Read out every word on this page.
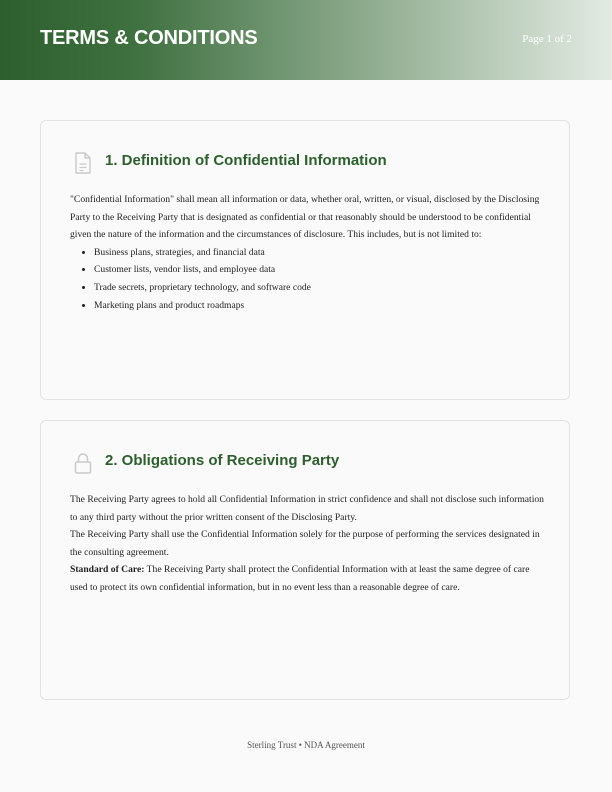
TERMS & CONDITIONS	Page 1 of 2
1. Definition of Confidential Information

"Confidential Information" shall mean all information or data, whether oral, written, or visual, disclosed by the Disclosing Party to the Receiving Party that is designated as confidential or that reasonably should be understood to be confidential given the nature of the information and the circumstances of disclosure. This includes, but is not limited to:

• Business plans, strategies, and financial data
• Customer lists, vendor lists, and employee data
• Trade secrets, proprietary technology, and software code
• Marketing plans and product roadmaps
2. Obligations of Receiving Party

The Receiving Party agrees to hold all Confidential Information in strict confidence and shall not disclose such information to any third party without the prior written consent of the Disclosing Party.

The Receiving Party shall use the Confidential Information solely for the purpose of performing the services designated in the consulting agreement.

Standard of Care: The Receiving Party shall protect the Confidential Information with at least the same degree of care used to protect its own confidential information, but in no event less than a reasonable degree of care.

Sterling Trust • NDA Agreement
